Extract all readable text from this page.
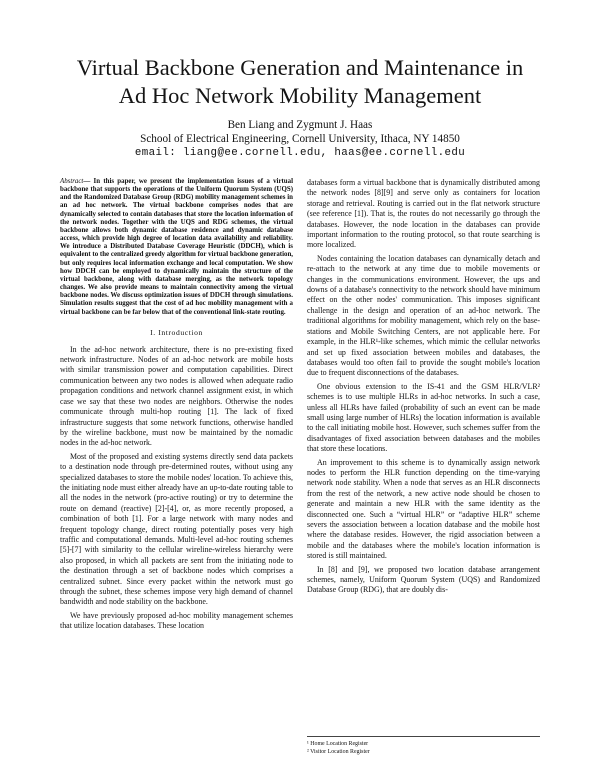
Virtual Backbone Generation and Maintenance in
Ad Hoc Network Mobility Management

Ben Liang and Zygmunt J. Haas

School of Electrical Engineering, Cornell University, Ithaca, NY 14850

email: liang@ee.cornell.edu, haas@ee.cornell.edu

Abstract— In this paper, we present the implementation issues of a virtual backbone that supports the operations of the Uniform Quorum System (UQS) and the Randomized Database Group (RDG) mobility management schemes in an ad hoc network. The virtual backbone comprises nodes that are dynamically selected to contain databases that store the location information of the network nodes. Together with the UQS and RDG schemes, the virtual backbone allows both dynamic database residence and dynamic database access, which provide high degree of location data availability and reliability. We introduce a Distributed Database Coverage Heuristic (DDCH), which is equivalent to the centralized greedy algorithm for virtual backbone generation, but only requires local information exchange and local computation. We show how DDCH can be employed to dynamically maintain the structure of the virtual backbone, along with database merging, as the network topology changes. We also provide means to maintain connectivity among the virtual backbone nodes. We discuss optimization issues of DDCH through simulations. Simulation results suggest that the cost of ad hoc mobility management with a virtual backbone can be far below that of the conventional link-state routing.

I. Introduction

In the ad-hoc network architecture, there is no pre-existing fixed network infrastructure. Nodes of an ad-hoc network are mobile hosts with similar transmission power and computation capabilities. Direct communication between any two nodes is allowed when adequate radio propagation conditions and network channel assignment exist, in which case we say that these two nodes are neighbors. Otherwise the nodes communicate through multi-hop routing [1]. The lack of fixed infrastructure suggests that some network functions, otherwise handled by the wireline backbone, must now be maintained by the nomadic nodes in the ad-hoc network.

Most of the proposed and existing systems directly send data packets to a destination node through pre-determined routes, without using any specialized databases to store the mobile nodes' location. To achieve this, the initiating node must either already have an up-to-date routing table to all the nodes in the network (pro-active routing) or try to determine the route on demand (reactive) [2]-[4], or, as more recently proposed, a combination of both [1]. For a large network with many nodes and frequent topology change, direct routing potentially poses very high traffic and computational demands. Multi-level ad-hoc routing schemes [5]-[7] with similarity to the cellular wireline-wireless hierarchy were also proposed, in which all packets are sent from the initiating node to the destination through a set of backbone nodes which comprises a centralized subnet. Since every packet within the network must go through the subnet, these schemes impose very high demand of channel bandwidth and node stability on the backbone.

We have previously proposed ad-hoc mobility management schemes that utilize location databases. These location

databases form a virtual backbone that is dynamically distributed among the network nodes [8][9] and serve only as containers for location storage and retrieval. Routing is carried out in the flat network structure (see reference [1]). That is, the routes do not necessarily go through the databases. However, the node location in the databases can provide important information to the routing protocol, so that route searching is more localized.

Nodes containing the location databases can dynamically detach and re-attach to the network at any time due to mobile movements or changes in the communications environment. However, the ups and downs of a database's connectivity to the network should have minimum effect on the other nodes' communication. This imposes significant challenge in the design and operation of an ad-hoc network. The traditional algorithms for mobility management, which rely on the base-stations and Mobile Switching Centers, are not applicable here. For example, in the HLR¹-like schemes, which mimic the cellular networks and set up fixed association between mobiles and databases, the databases would too often fail to provide the sought mobile's location due to frequent disconnections of the databases.

One obvious extension to the IS-41 and the GSM HLR/VLR² schemes is to use multiple HLRs in ad-hoc networks. In such a case, unless all HLRs have failed (probability of such an event can be made small using large number of HLRs) the location information is available to the call initiating mobile host. However, such schemes suffer from the disadvantages of fixed association between databases and the mobiles that store these locations.

An improvement to this scheme is to dynamically assign network nodes to perform the HLR function depending on the time-varying network node stability. When a node that serves as an HLR disconnects from the rest of the network, a new active node should be chosen to generate and maintain a new HLR with the same identity as the disconnected one. Such a “virtual HLR” or “adaptive HLR” scheme severs the association between a location database and the mobile host where the database resides. However, the rigid association between a mobile and the databases where the mobile's location information is stored is still maintained.

In [8] and [9], we proposed two location database arrangement schemes, namely, Uniform Quorum System (UQS) and Randomized Database Group (RDG), that are doubly dis-

¹ Home Location Register

² Visitor Location Register
